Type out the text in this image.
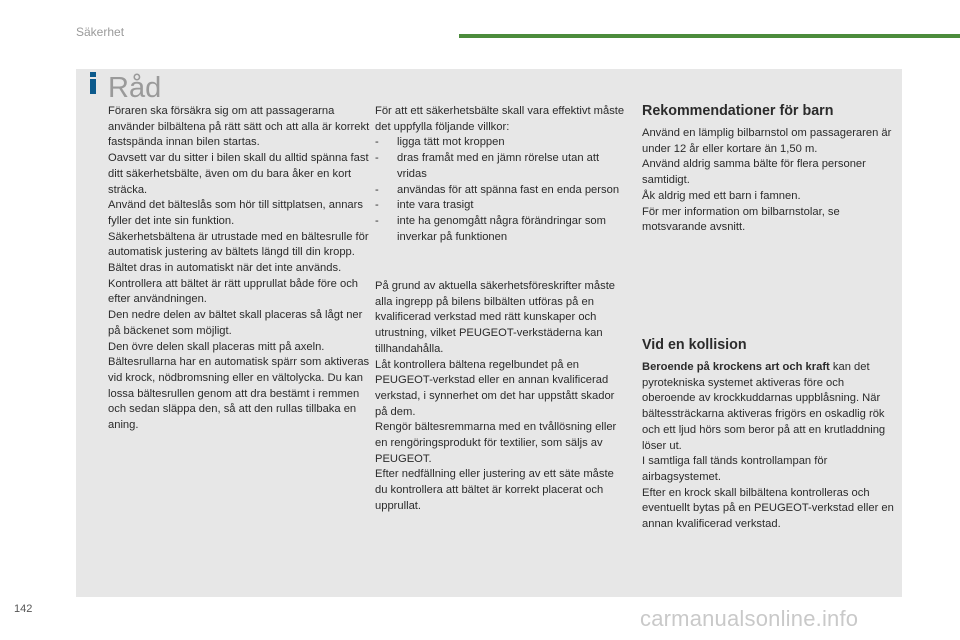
Säkerhet
Råd

Föraren ska försäkra sig om att passagerarna använder bilbältena på rätt sätt och att alla är korrekt fastspända innan bilen startas.

Oavsett var du sitter i bilen skall du alltid spänna fast ditt säkerhetsbälte, även om du bara åker en kort sträcka.

Använd det bälteslås som hör till sittplatsen, annars fyller det inte sin funktion.

Säkerhetsbältena är utrustade med en bältesrulle för automatisk justering av bältets längd till din kropp. Bältet dras in automatiskt när det inte används.

Kontrollera att bältet är rätt upprullat både före och efter användningen.

Den nedre delen av bältet skall placeras så lågt ner på bäckenet som möjligt.

Den övre delen skall placeras mitt på axeln.

Bältesrullarna har en automatisk spärr som aktiveras vid krock, nödbromsning eller en vältolycka. Du kan lossa bältesrullen genom att dra bestämt i remmen och sedan släppa den, så att den rullas tillbaka en aning.

För att ett säkerhetsbälte skall vara effektivt måste det uppfylla följande villkor:

-	ligga tätt mot kroppen
-	dras framåt med en jämn rörelse utan att vridas
-	användas för att spänna fast en enda person
-	inte vara trasigt
-	inte ha genomgått några förändringar som inverkar på funktionen

På grund av aktuella säkerhetsföreskrifter måste alla ingrepp på bilens bilbälten utföras på en kvalificerad verkstad med rätt kunskaper och utrustning, vilket PEUGEOT-verkstäderna kan tillhandahålla.

Låt kontrollera bältena regelbundet på en PEUGEOT-verkstad eller en annan kvalificerad verkstad, i synnerhet om det har uppstått skador på dem.

Rengör bältesremmarna med en tvållösning eller en rengöringsprodukt för textilier, som säljs av PEUGEOT.

Efter nedfällning eller justering av ett säte måste du kontrollera att bältet är korrekt placerat och upprullat.

Rekommendationer för barn

Använd en lämplig bilbarnstol om passageraren är under 12 år eller kortare än 1,50 m.

Använd aldrig samma bälte för flera personer samtidigt.

Åk aldrig med ett barn i famnen.

För mer information om bilbarnstolar, se motsvarande avsnitt.

Vid en kollision

Beroende på krockens art och kraft kan det pyrotekniska systemet aktiveras före och oberoende av krockkuddarnas uppblåsning. När bältessträckarna aktiveras frigörs en oskadlig rök och ett ljud hörs som beror på att en krutladdning löser ut.

I samtliga fall tänds kontrollampan för airbagsystemet.

Efter en krock skall bilbältena kontrolleras och eventuellt bytas på en PEUGEOT-verkstad eller en annan kvalificerad verkstad.

142	carmanualsonline.info
